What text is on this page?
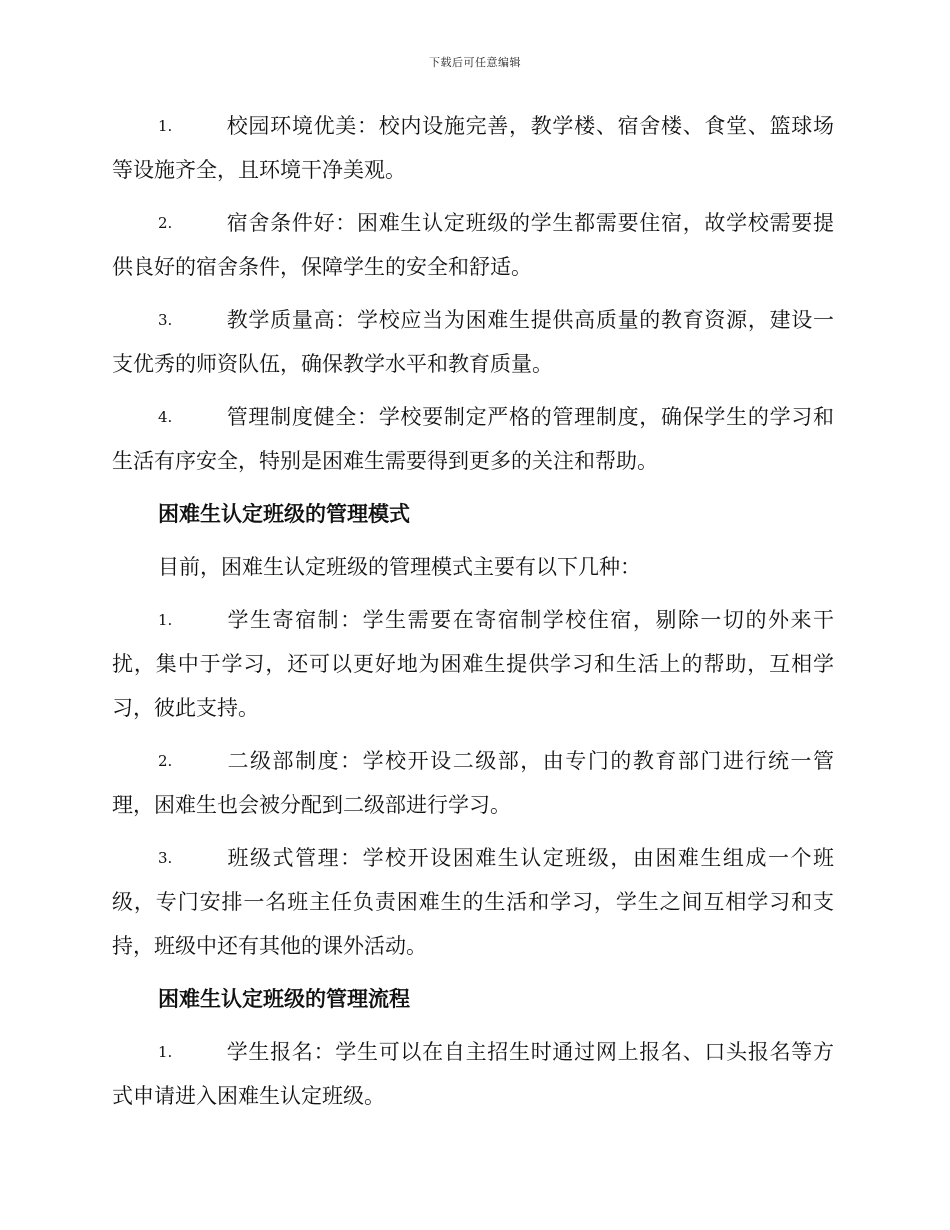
下载后可任意编辑

1.	校园环境优美：校内设施完善，教学楼、宿舍楼、食堂、篮球场等设施齐全，且环境干净美观。

2.	宿舍条件好：困难生认定班级的学生都需要住宿，故学校需要提供良好的宿舍条件，保障学生的安全和舒适。

3.	教学质量高：学校应当为困难生提供高质量的教育资源，建设一支优秀的师资队伍，确保教学水平和教育质量。

4.	管理制度健全：学校要制定严格的管理制度，确保学生的学习和生活有序安全，特别是困难生需要得到更多的关注和帮助。

困难生认定班级的管理模式

目前，困难生认定班级的管理模式主要有以下几种：

1.	学生寄宿制：学生需要在寄宿制学校住宿，剔除一切的外来干扰，集中于学习，还可以更好地为困难生提供学习和生活上的帮助，互相学习，彼此支持。

2.	二级部制度：学校开设二级部，由专门的教育部门进行统一管理，困难生也会被分配到二级部进行学习。

3.	班级式管理：学校开设困难生认定班级，由困难生组成一个班级，专门安排一名班主任负责困难生的生活和学习，学生之间互相学习和支持，班级中还有其他的课外活动。

困难生认定班级的管理流程

1.	学生报名：学生可以在自主招生时通过网上报名、口头报名等方式申请进入困难生认定班级。
